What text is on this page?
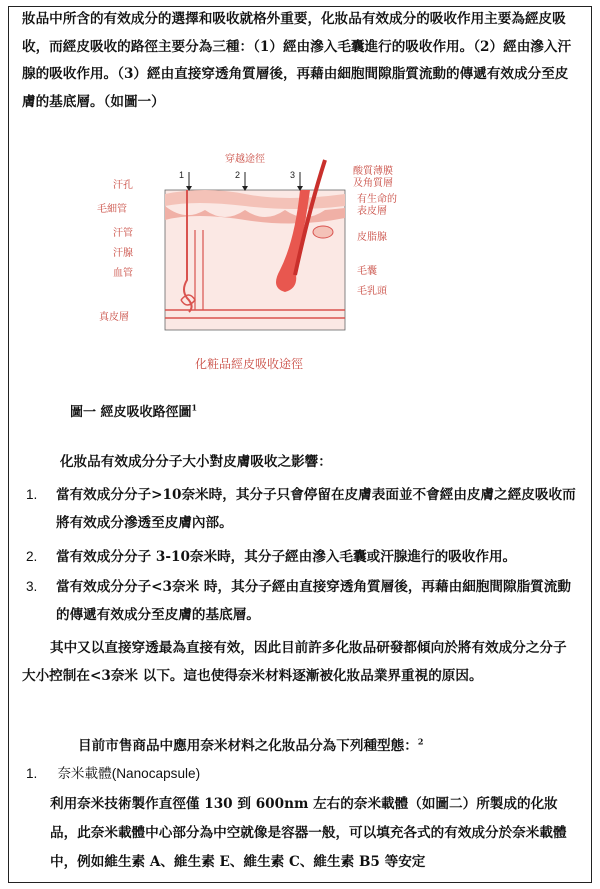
妝品中所含的有效成分的選擇和吸收就格外重要，化妝品有效成分的吸收作用主要為經皮吸收，而經皮吸收的路徑主要分為三種：（1）經由滲入毛囊進行的吸收作用。（2）經由滲入汗腺的吸收作用。（3）經由直接穿透角質層後，再藉由細胞間隙脂質流動的傳遞有效成分至皮膚的基底層。（如圖一）

1	2	3
穿越途徑
汗孔
毛細管
汗管
汗腺
血管
真皮層
酸質薄膜
及角質層
有生命的
表皮層
皮脂腺
毛囊
毛乳頭
化粧品經皮吸收途徑
圖一 經皮吸收路徑圖$^1$
化妝品有效成分分子大小對皮膚吸收之影響：
1. 當有效成分分子>10奈米時，其分子只會停留在皮膚表面並不會經由皮膚之經皮吸收而將有效成分滲透至皮膚內部。
2. 當有效成分分子 3-10奈米時，其分子經由滲入毛囊或汗腺進行的吸收作用。
3. 當有效成分分子<3奈米 時，其分子經由直接穿透角質層後，再藉由細胞間隙脂質流動的傳遞有效成分至皮膚的基底層。
其中又以直接穿透最為直接有效，因此目前許多化妝品研發都傾向於將有效成分之分子大小控制在<3奈米 以下。這也使得奈米材料逐漸被化妝品業界重視的原因。
目前市售商品中應用奈米材料之化妝品分為下列種型態：$^2$
1. 奈米載體(Nanocapsule)
利用奈米技術製作直徑僅 130 到 600nm 左右的奈米載體（如圖二）所製成的化妝品，此奈米載體中心部分為中空就像是容器一般，可以填充各式的有效成分於奈米載體中，例如維生素 A、維生素 E、維生素 C、維生素 B5 等安定
